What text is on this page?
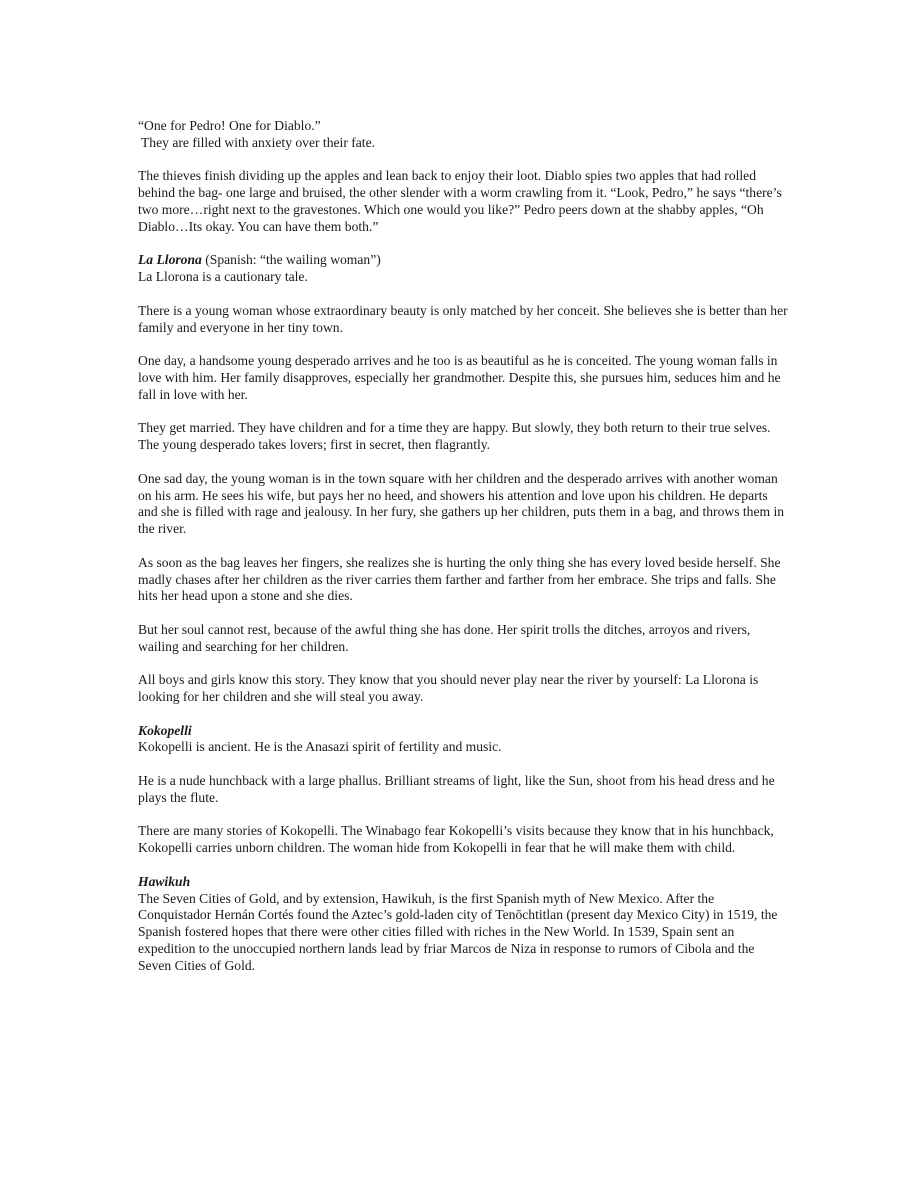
“One for Pedro! One for Diablo.”
They are filled with anxiety over their fate.

The thieves finish dividing up the apples and lean back to enjoy their loot. Diablo spies two apples that had rolled behind the bag- one large and bruised, the other slender with a worm crawling from it. “Look, Pedro,” he says “there’s two more…right next to the gravestones. Which one would you like?” Pedro peers down at the shabby apples, “Oh Diablo…Its okay. You can have them both.”

La Llorona (Spanish: “the wailing woman”)
La Llorona is a cautionary tale.

There is a young woman whose extraordinary beauty is only matched by her conceit. She believes she is better than her family and everyone in her tiny town.

One day, a handsome young desperado arrives and he too is as beautiful as he is conceited. The young woman falls in love with him. Her family disapproves, especially her grandmother. Despite this, she pursues him, seduces him and he fall in love with her.

They get married. They have children and for a time they are happy. But slowly, they both return to their true selves. The young desperado takes lovers; first in secret, then flagrantly.

One sad day, the young woman is in the town square with her children and the desperado arrives with another woman on his arm. He sees his wife, but pays her no heed, and showers his attention and love upon his children. He departs and she is filled with rage and jealousy. In her fury, she gathers up her children, puts them in a bag, and throws them in the river.

As soon as the bag leaves her fingers, she realizes she is hurting the only thing she has every loved beside herself. She madly chases after her children as the river carries them farther and farther from her embrace. She trips and falls. She hits her head upon a stone and she dies.

But her soul cannot rest, because of the awful thing she has done. Her spirit trolls the ditches, arroyos and rivers, wailing and searching for her children.

All boys and girls know this story. They know that you should never play near the river by yourself: La Llorona is looking for her children and she will steal you away.

Kokopelli
Kokopelli is ancient. He is the Anasazi spirit of fertility and music.

He is a nude hunchback with a large phallus. Brilliant streams of light, like the Sun, shoot from his head dress and he plays the flute.

There are many stories of Kokopelli. The Winabago fear Kokopelli’s visits because they know that in his hunchback, Kokopelli carries unborn children. The woman hide from Kokopelli in fear that he will make them with child.

Hawikuh
The Seven Cities of Gold, and by extension, Hawikuh, is the first Spanish myth of New Mexico. After the Conquistador Hernán Cortés found the Aztec’s gold-laden city of Tenōchtitlan (present day Mexico City) in 1519, the Spanish fostered hopes that there were other cities filled with riches in the New World. In 1539, Spain sent an expedition to the unoccupied northern lands lead by friar Marcos de Niza in response to rumors of Cibola and the Seven Cities of Gold.
